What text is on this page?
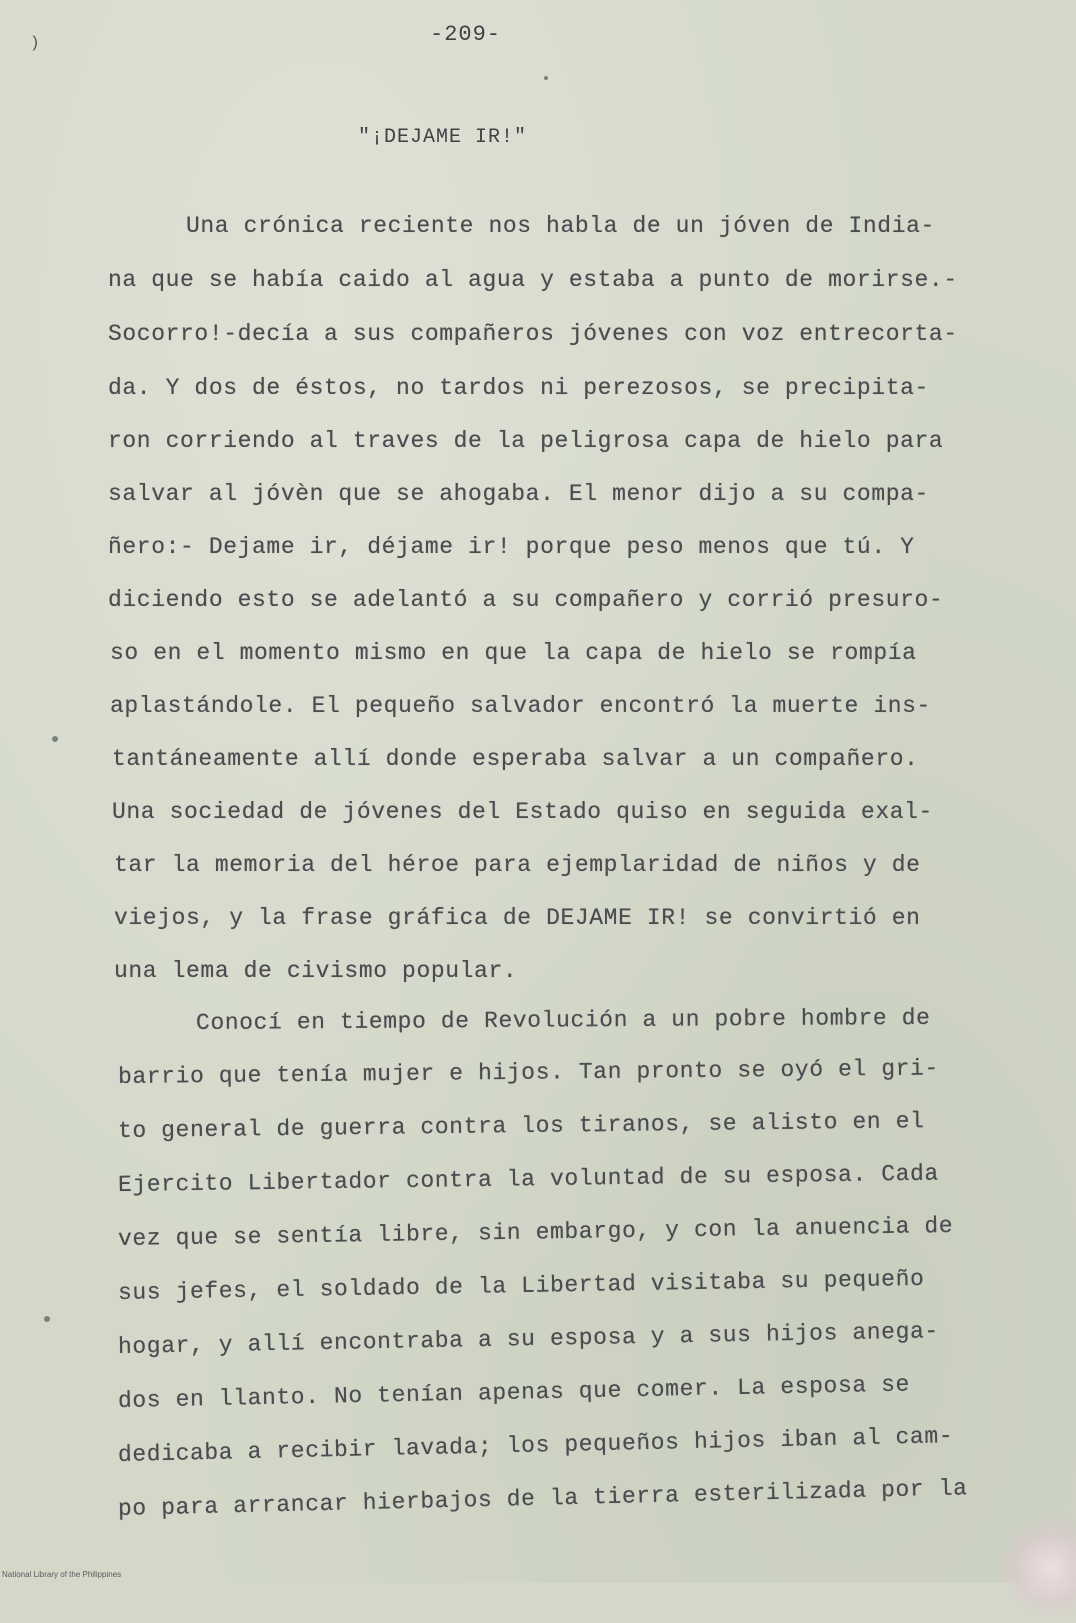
)	-209-
"¡DEJAME IR!"
Una crónica reciente nos habla de un jóven de India-
na que se había caido al agua y estaba a punto de morirse.-
Socorro!-decía a sus compañeros jóvenes con voz entrecorta-
da. Y dos de éstos, no tardos ni perezosos, se precipita-
ron corriendo al traves de la peligrosa capa de hielo para
salvar al jóvèn que se ahogaba. El menor dijo a su compa-
ñero:- Dejame ir, déjame ir! porque peso menos que tú. Y
diciendo esto se adelantó a su compañero y corrió presuro-
so en el momento mismo en que la capa de hielo se rompía
aplastándole. El pequeño salvador encontró la muerte ins-
tantáneamente allí donde esperaba salvar a un compañero.
Una sociedad de jóvenes del Estado quiso en seguida exal-
tar la memoria del héroe para ejemplaridad de niños y de
viejos, y la frase gráfica de DEJAME IR! se convirtió en
una lema de civismo popular.
Conocí en tiempo de Revolución a un pobre hombre de
barrio que tenía mujer e hijos. Tan pronto se oyó el gri-
to general de guerra contra los tiranos, se alisto en el
Ejercito Libertador contra la voluntad de su esposa. Cada
vez que se sentía libre, sin embargo, y con la anuencia de
sus jefes, el soldado de la Libertad visitaba su pequeño
hogar, y allí encontraba a su esposa y a sus hijos anega-
dos en llanto. No tenían apenas que comer. La esposa se
dedicaba a recibir lavada; los pequeños hijos iban al cam-
po para arrancar hierbajos de la tierra esterilizada por la
National Library of the Philippines
